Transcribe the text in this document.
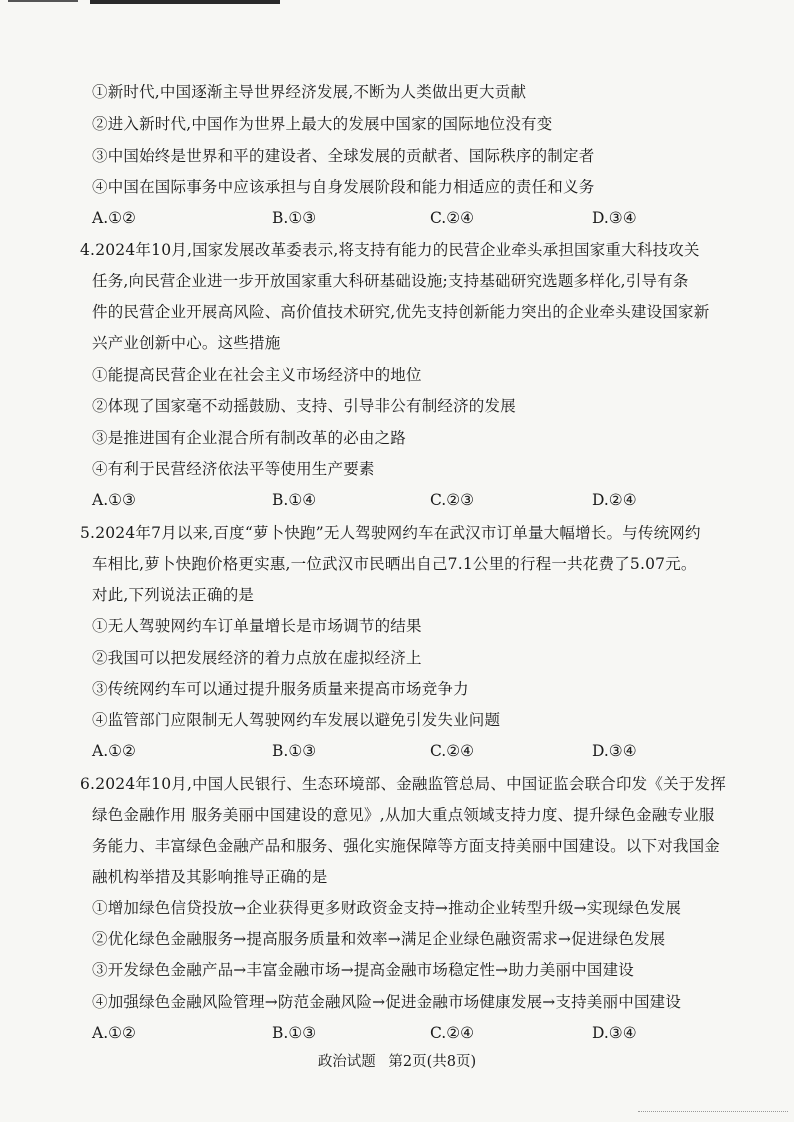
①新时代,中国逐渐主导世界经济发展,不断为人类做出更大贡献
②进入新时代,中国作为世界上最大的发展中国家的国际地位没有变
③中国始终是世界和平的建设者、全球发展的贡献者、国际秩序的制定者
④中国在国际事务中应该承担与自身发展阶段和能力相适应的责任和义务
A.①②	B.①③	C.②④	D.③④
4.2024年10月,国家发展改革委表示,将支持有能力的民营企业牵头承担国家重大科技攻关
任务,向民营企业进一步开放国家重大科研基础设施;支持基础研究选题多样化,引导有条
件的民营企业开展高风险、高价值技术研究,优先支持创新能力突出的企业牵头建设国家新
兴产业创新中心。这些措施
①能提高民营企业在社会主义市场经济中的地位
②体现了国家毫不动摇鼓励、支持、引导非公有制经济的发展
③是推进国有企业混合所有制改革的必由之路
④有利于民营经济依法平等使用生产要素
A.①③	B.①④	C.②③	D.②④
5.2024年7月以来,百度“萝卜快跑”无人驾驶网约车在武汉市订单量大幅增长。与传统网约
车相比,萝卜快跑价格更实惠,一位武汉市民晒出自己7.1公里的行程一共花费了5.07元。
对此,下列说法正确的是
①无人驾驶网约车订单量增长是市场调节的结果
②我国可以把发展经济的着力点放在虚拟经济上
③传统网约车可以通过提升服务质量来提高市场竞争力
④监管部门应限制无人驾驶网约车发展以避免引发失业问题
A.①②	B.①③	C.②④	D.③④
6.2024年10月,中国人民银行、生态环境部、金融监管总局、中国证监会联合印发《关于发挥
绿色金融作用 服务美丽中国建设的意见》,从加大重点领域支持力度、提升绿色金融专业服
务能力、丰富绿色金融产品和服务、强化实施保障等方面支持美丽中国建设。以下对我国金
融机构举措及其影响推导正确的是
①增加绿色信贷投放→企业获得更多财政资金支持→推动企业转型升级→实现绿色发展
②优化绿色金融服务→提高服务质量和效率→满足企业绿色融资需求→促进绿色发展
③开发绿色金融产品→丰富金融市场→提高金融市场稳定性→助力美丽中国建设
④加强绿色金融风险管理→防范金融风险→促进金融市场健康发展→支持美丽中国建设
A.①②	B.①③	C.②④	D.③④
政治试题 第2页(共8页)
